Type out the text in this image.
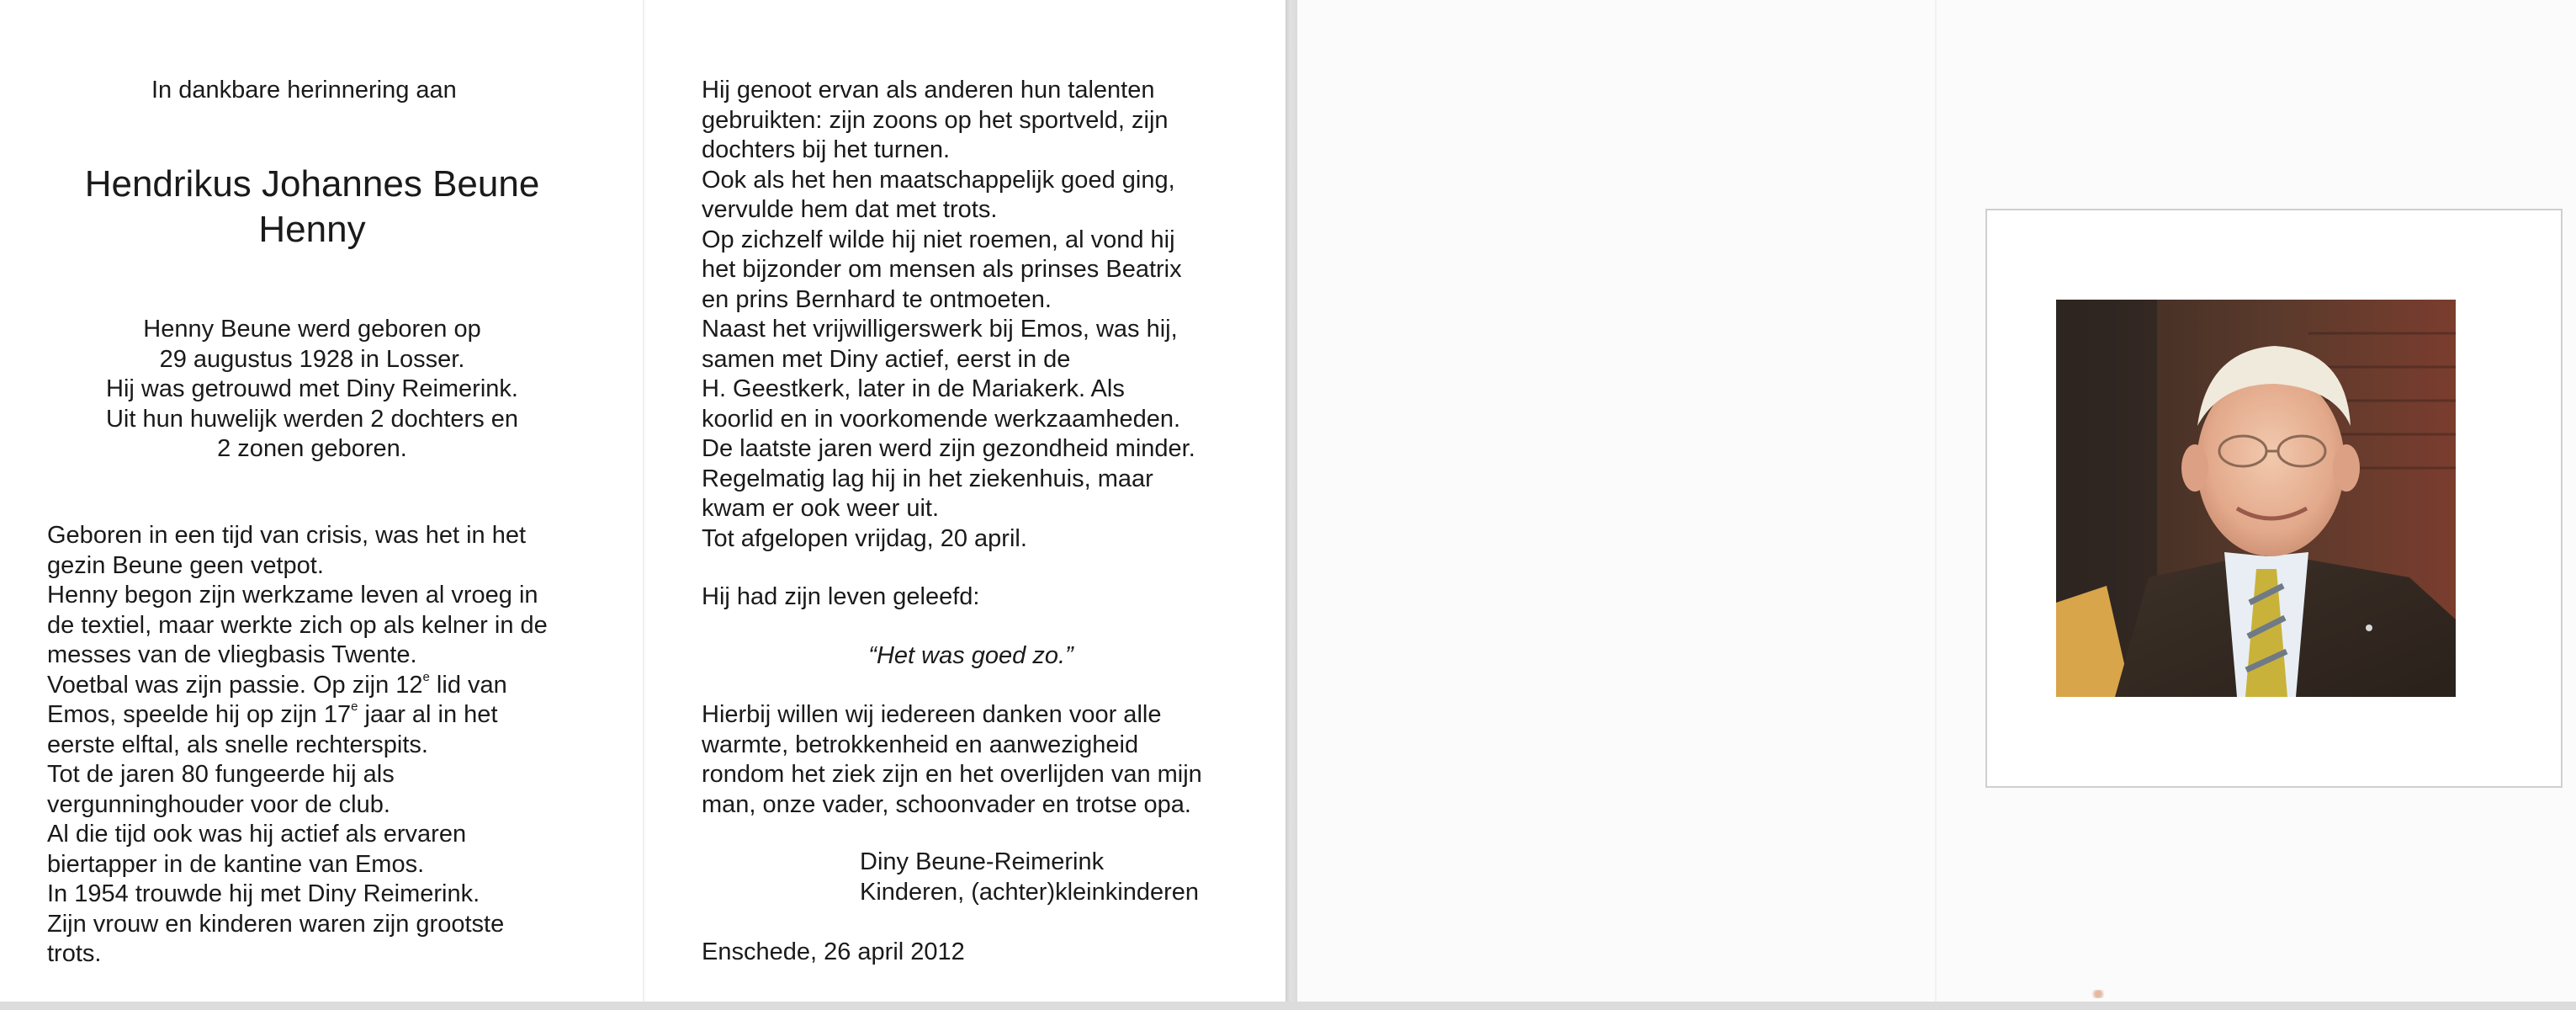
In dankbare herinnering aan
Hendrikus Johannes Beune
Henny
Henny Beune werd geboren op
29 augustus 1928 in Losser.
Hij was getrouwd met Diny Reimerink.
Uit hun huwelijk werden 2 dochters en
2 zonen geboren.
Geboren in een tijd van crisis, was het in het
gezin Beune geen vetpot.
Henny begon zijn werkzame leven al vroeg in
de textiel, maar werkte zich op als kelner in de
messes van de vliegbasis Twente.
Voetbal was zijn passie. Op zijn 12e lid van
Emos, speelde hij op zijn 17e jaar al in het
eerste elftal, als snelle rechterspits.
Tot de jaren 80 fungeerde hij als
vergunninghouder voor de club.
Al die tijd ook was hij actief als ervaren
biertapper in de kantine van Emos.
In 1954 trouwde hij met Diny Reimerink.
Zijn vrouw en kinderen waren zijn grootste
trots.
Hij genoot ervan als anderen hun talenten
gebruikten: zijn zoons op het sportveld, zijn
dochters bij het turnen.
Ook als het hen maatschappelijk goed ging,
vervulde hem dat met trots.
Op zichzelf wilde hij niet roemen, al vond hij
het bijzonder om mensen als prinses Beatrix
en prins Bernhard te ontmoeten.
Naast het vrijwilligerswerk bij Emos, was hij,
samen met Diny actief, eerst in de
H. Geestkerk, later in de Mariakerk. Als
koorlid en in voorkomende werkzaamheden.
De laatste jaren werd zijn gezondheid minder.
Regelmatig lag hij in het ziekenhuis, maar
kwam er ook weer uit.
Tot afgelopen vrijdag, 20 april.
Hij had zijn leven geleefd:
“Het was goed zo.”
Hierbij willen wij iedereen danken voor alle
warmte, betrokkenheid en aanwezigheid
rondom het ziek zijn en het overlijden van mijn
man, onze vader, schoonvader en trotse opa.
Diny Beune-Reimerink
Kinderen, (achter)kleinkinderen
Enschede, 26 april 2012
